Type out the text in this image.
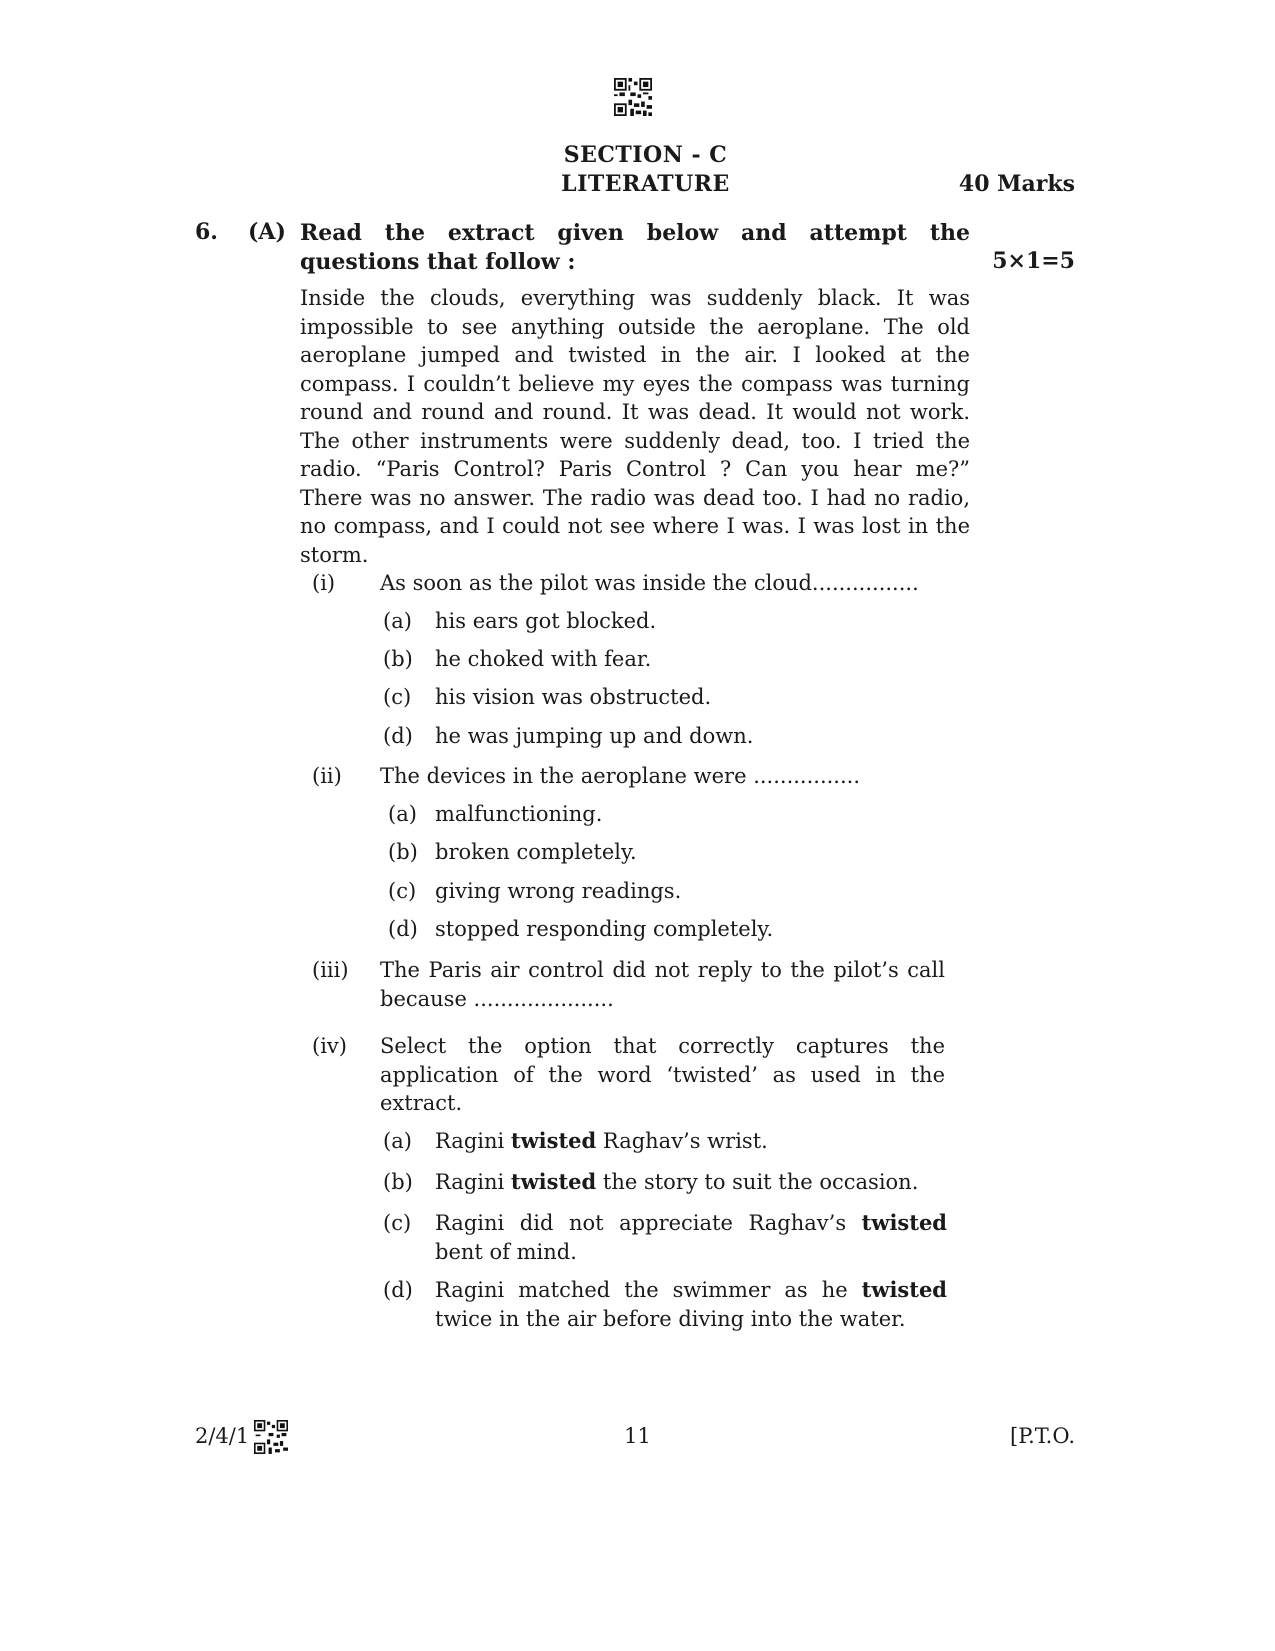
SECTION - C
LITERATURE	40 Marks
6. (A) Read the extract given below and attempt the
questions that follow :	5×1=5
Inside the clouds, everything was suddenly black. It was impossible to see anything outside the aeroplane. The old aeroplane jumped and twisted in the air. I looked at the compass. I couldn’t believe my eyes the compass was turning round and round and round. It was dead. It would not work. The other instruments were suddenly dead, too. I tried the radio. “Paris Control? Paris Control ? Can you hear me?” There was no answer. The radio was dead too. I had no radio, no compass, and I could not see where I was. I was lost in the storm.
(i) As soon as the pilot was inside the cloud................
(a) his ears got blocked.
(b) he choked with fear.
(c) his vision was obstructed.
(d) he was jumping up and down.
(ii) The devices in the aeroplane were ................
(a) malfunctioning.
(b) broken completely.
(c) giving wrong readings.
(d) stopped responding completely.
(iii) The Paris air control did not reply to the pilot’s call because .....................
(iv) Select the option that correctly captures the application of the word ‘twisted’ as used in the extract.
(a) Ragini twisted Raghav’s wrist.
(b) Ragini twisted the story to suit the occasion.
(c) Ragini did not appreciate Raghav’s twisted bent of mind.
(d) Ragini matched the swimmer as he twisted twice in the air before diving into the water.
2/4/1	11	[P.T.O.
